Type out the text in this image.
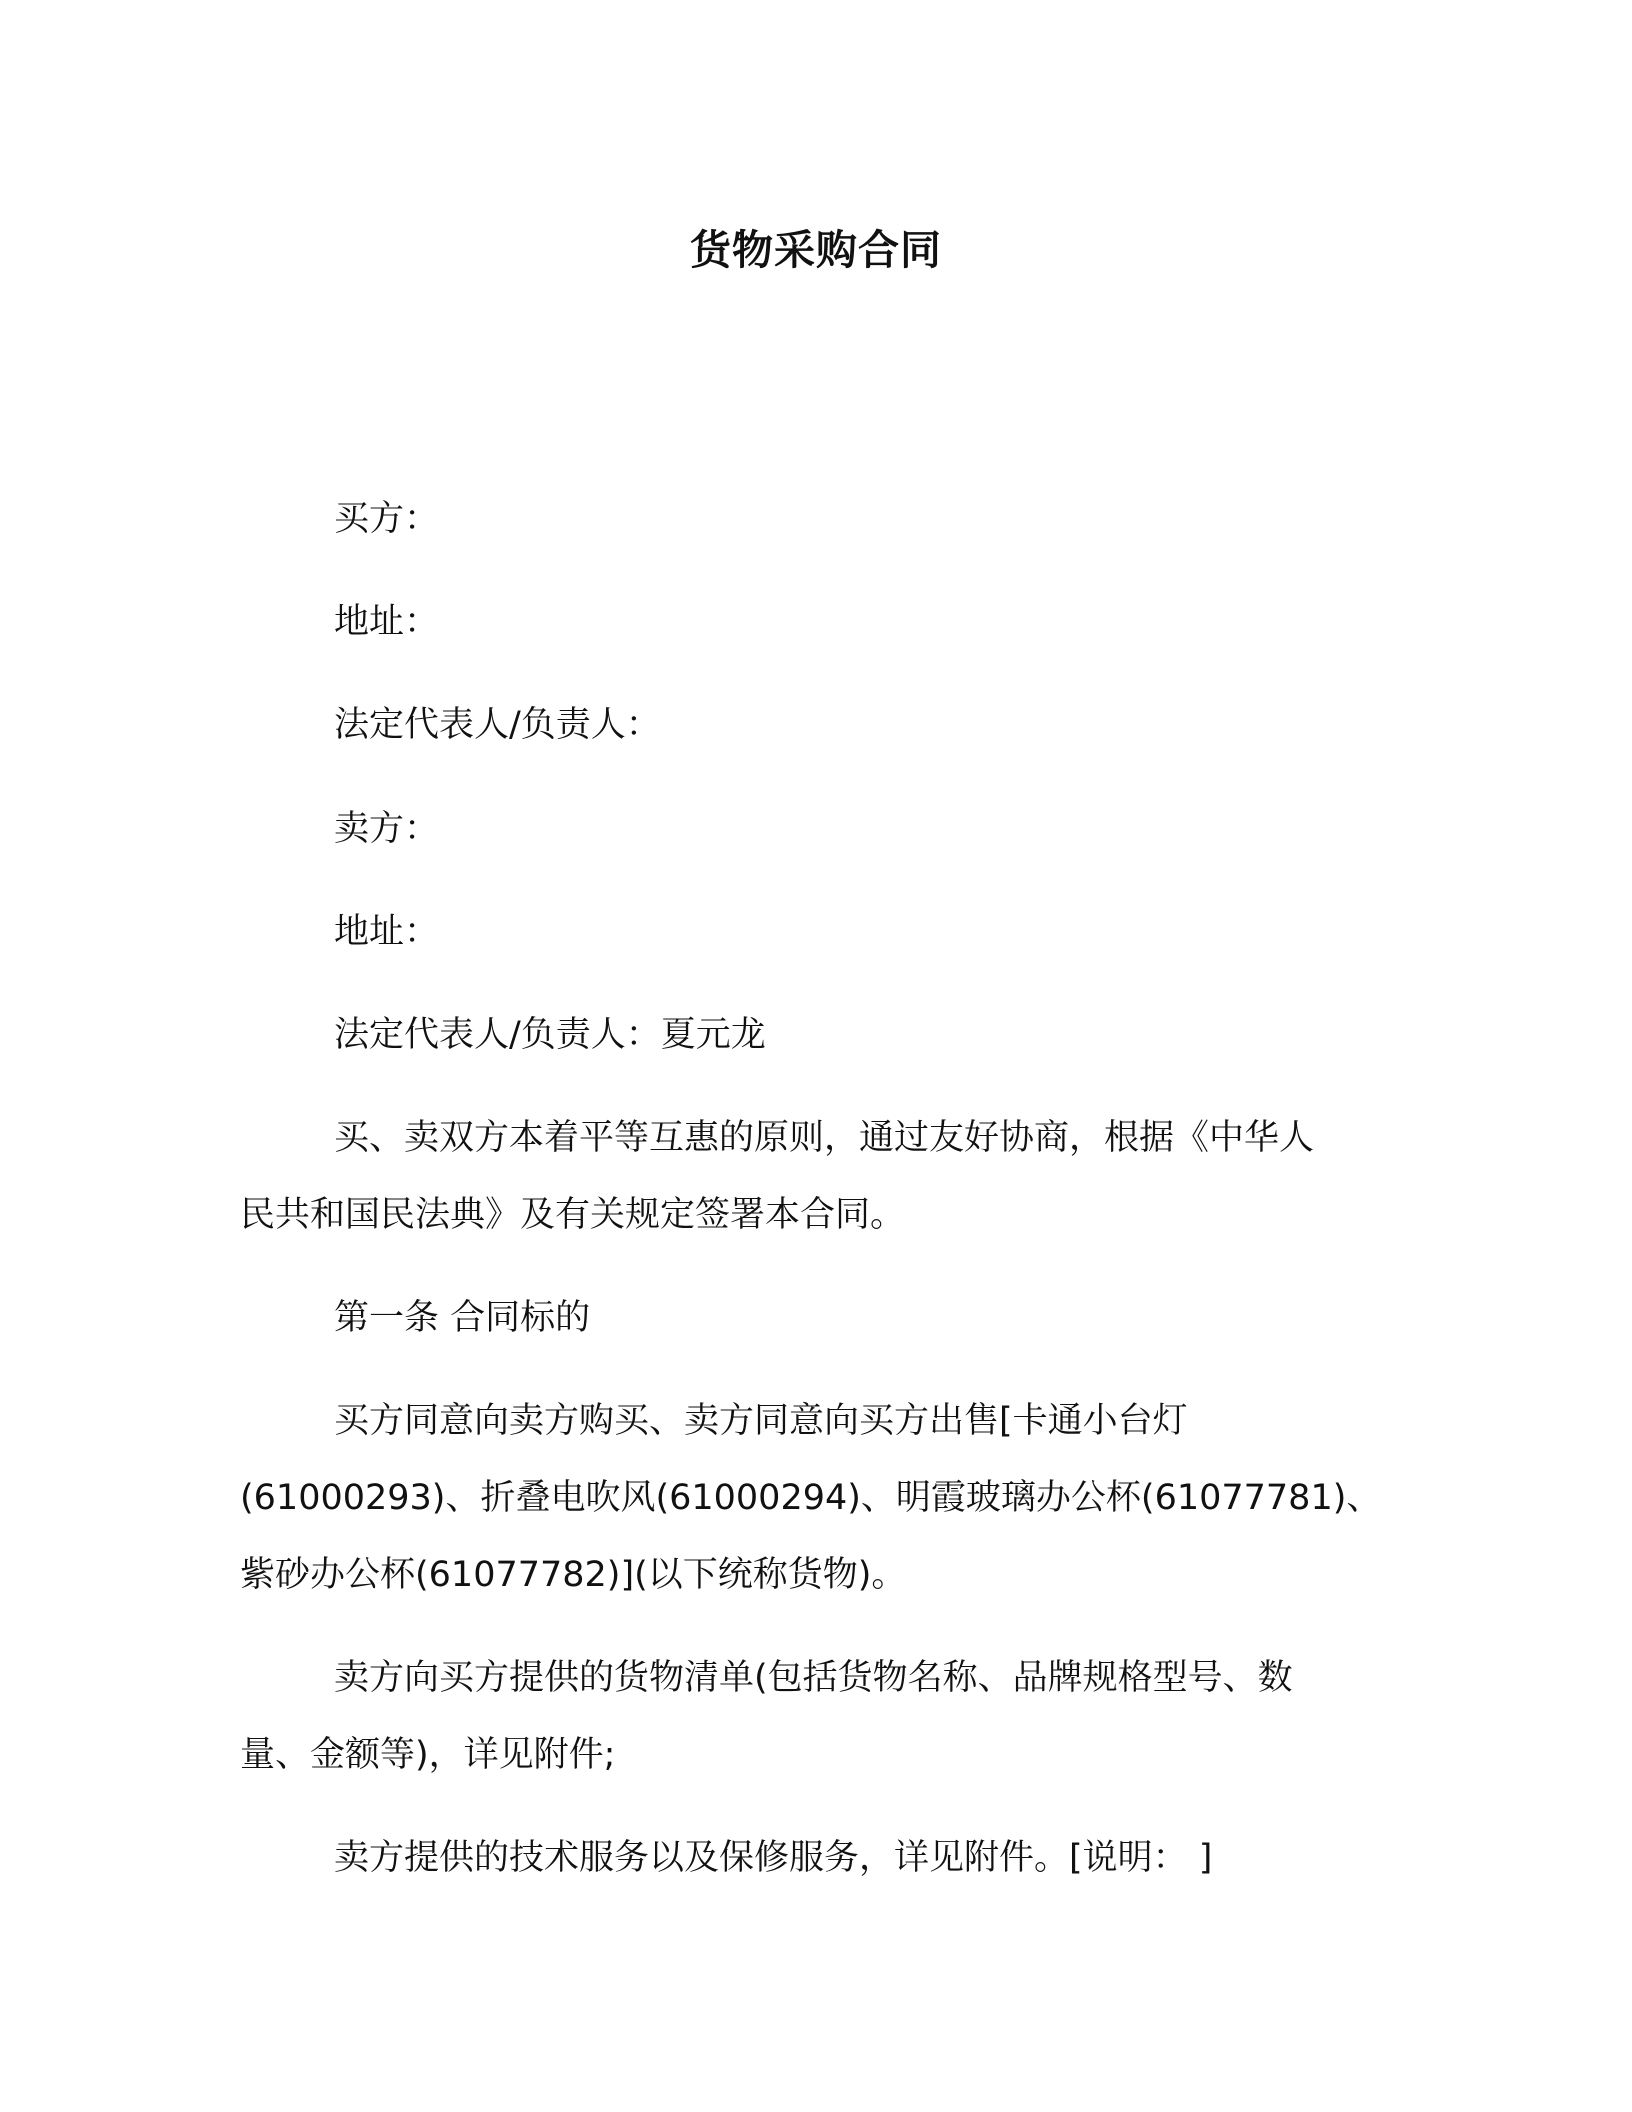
货物采购合同
买方：
地址：
法定代表人/负责人：
卖方：
地址：
法定代表人/负责人：夏元龙
买、卖双方本着平等互惠的原则，通过友好协商，根据《中华人
民共和国民法典》及有关规定签署本合同。
第一条 合同标的
买方同意向卖方购买、卖方同意向买方出售[卡通小台灯
(61000293)、折叠电吹风(61000294)、明霞玻璃办公杯(61077781)、
紫砂办公杯(61077782)](以下统称货物)。
卖方向买方提供的货物清单(包括货物名称、品牌规格型号、数
量、金额等)，详见附件;
卖方提供的技术服务以及保修服务，详见附件。[说明： ]
